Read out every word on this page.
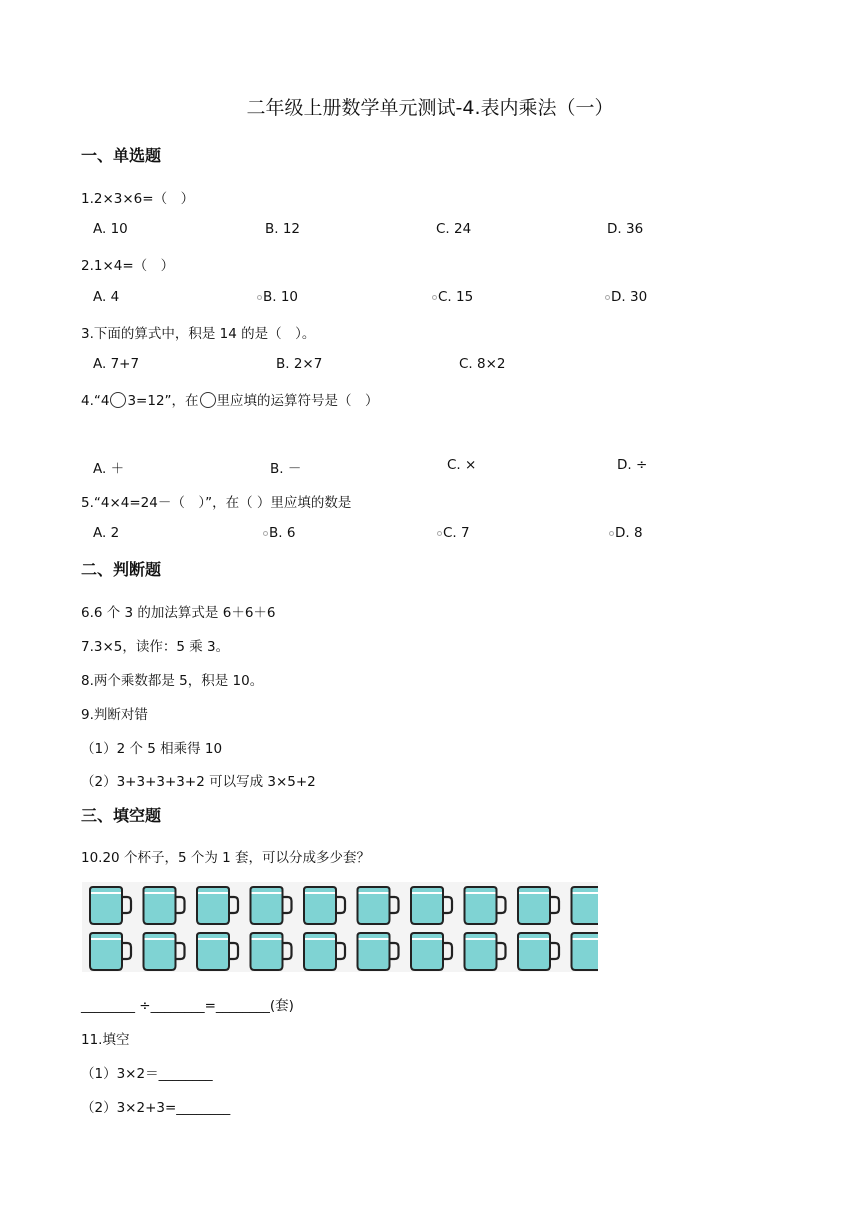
二年级上册数学单元测试-4.表内乘法（一）
一、单选题
1.2×3×6=（　）
A. 10	B. 12	C. 24	D. 36
2.1×4=（　）
A. 4	B. 10	C. 15	D. 30
3.下面的算式中，积是 14 的是（　）。
A. 7+7	B. 2×7	C. 8×2
4.“4 3=12”，在 里应填的运算符号是（　）
A. ＋	B. －	C. ×	D. ÷
5.“4×4=24－（　）”，在（ ）里应填的数是
A. 2	B. 6	C. 7	D. 8
二、判断题
6.6 个 3 的加法算式是 6＋6＋6
7.3×5，读作：5 乘 3。
8.两个乘数都是 5，积是 10。
9.判断对错
（1）2 个 5 相乘得 10
（2）3+3+3+3+2 可以写成 3×5+2
三、填空题
10.20 个杯子，5 个为 1 套，可以分成多少套？
________ ÷________=________(套)
11.填空
（1）3×2＝________
（2）3×2+3=________
